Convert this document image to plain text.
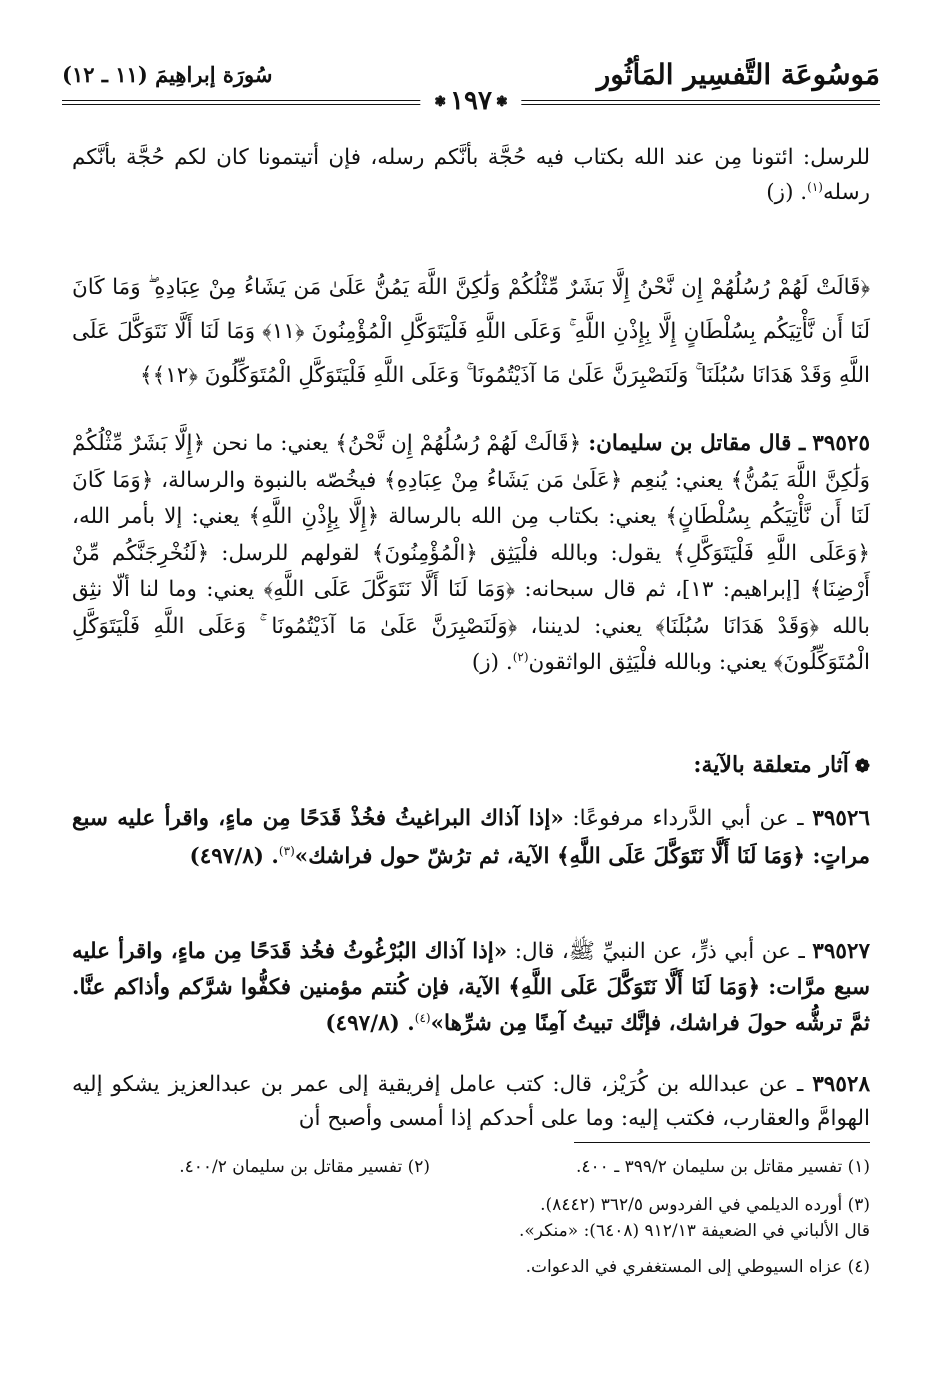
مَوسُوعَة التَّفسِير المَأثُور
سُورَة إبراهِيمَ (١١ ـ ١٢)
❃١٩٧❃
للرسل: ائتونا مِن عند الله بكتاب فيه حُجَّة بأنَّكم رسله، فإن أتيتمونا كان لكم حُجَّة بأنَّكم رسله$^{(١)}$. (ز)
﴿قَالَتْ لَهُمْ رُسُلُهُمْ إِن نَّحْنُ إِلَّا بَشَرٌ مِّثْلُكُمْ وَلَٰكِنَّ اللَّهَ يَمُنُّ عَلَىٰ مَن يَشَاءُ مِنْ عِبَادِهِ ۖ وَمَا كَانَ لَنَا أَن نَّأْتِيَكُم بِسُلْطَانٍ إِلَّا بِإِذْنِ اللَّهِ ۚ وَعَلَى اللَّهِ فَلْيَتَوَكَّلِ الْمُؤْمِنُونَ ﴿١١﴾ وَمَا لَنَا أَلَّا نَتَوَكَّلَ عَلَى اللَّهِ وَقَدْ هَدَانَا سُبُلَنَا ۚ وَلَنَصْبِرَنَّ عَلَىٰ مَا آذَيْتُمُونَا ۚ وَعَلَى اللَّهِ فَلْيَتَوَكَّلِ الْمُتَوَكِّلُونَ ﴿١٢﴾﴾
٣٩٥٢٥ ـ قال مقاتل بن سليمان: ﴿قَالَتْ لَهُمْ رُسُلُهُمْ إِن نَّحْنُ﴾ يعني: ما نحن ﴿إِلَّا بَشَرٌ مِّثْلُكُمْ وَلَٰكِنَّ اللَّهَ يَمُنُّ﴾ يعني: يُنعِم ﴿عَلَىٰ مَن يَشَاءُ مِنْ عِبَادِهِ﴾ فيخُصّه بالنبوة والرسالة، ﴿وَمَا كَانَ لَنَا أَن نَّأْتِيَكُم بِسُلْطَانٍ﴾ يعني: بكتاب مِن الله بالرسالة ﴿إِلَّا بِإِذْنِ اللَّهِ﴾ يعني: إلا بأمر الله، ﴿وَعَلَى اللَّهِ فَلْيَتَوَكَّلِ﴾ يقول: وبالله فلْيَثِق ﴿الْمُؤْمِنُونَ﴾ لقولهم للرسل: ﴿لَنُخْرِجَنَّكُم مِّنْ أَرْضِنَا﴾ [إبراهيم: ١٣]، ثم قال سبحانه: ﴿وَمَا لَنَا أَلَّا نَتَوَكَّلَ عَلَى اللَّهِ﴾ يعني: وما لنا ألّا نثِق بالله ﴿وَقَدْ هَدَانَا سُبُلَنَا﴾ يعني: لديننا، ﴿وَلَنَصْبِرَنَّ عَلَىٰ مَا آذَيْتُمُونَا ۚ وَعَلَى اللَّهِ فَلْيَتَوَكَّلِ الْمُتَوَكِّلُونَ﴾ يعني: وبالله فلْيَثِق الواثقون$^{(٢)}$. (ز)
❁آثار متعلقة بالآية:
٣٩٥٢٦ ـ عن أبي الدَّرداء مرفوعًا: «إذا آذاك البراغيثُ فخُذْ قَدَحًا مِن ماءٍ، واقرأ عليه سبع مراتٍ: ﴿وَمَا لَنَا أَلَّا نَتَوَكَّلَ عَلَى اللَّهِ﴾ الآية، ثم ترُشّ حول فراشك»$^{(٣)}$. (٨/‏٤٩٧)
٣٩٥٢٧ ـ عن أبي ذرٍّ، عن النبيِّ ﷺ، قال: «إذا آذاك البُرْغُوثُ فخُذ قَدَحًا مِن ماءٍ، واقرأ عليه سبع مرَّات: ﴿وَمَا لَنَا أَلَّا نَتَوَكَّلَ عَلَى اللَّهِ﴾ الآية، فإن كُنتم مؤمنين فكفُّوا شرَّكم وأذاكم عنَّا. ثمَّ ترشُّه حولَ فراشك، فإنَّك تبيتُ آمِنًا مِن شرِّها»$^{(٤)}$. (٨/‏٤٩٧)
٣٩٥٢٨ ـ عن عبدالله بن كُرَيْز، قال: كتب عامل إفريقية إلى عمر بن عبدالعزيز يشكو إليه الهوامَّ والعقارب، فكتب إليه: وما على أحدكم إذا أمسى وأصبح أن
(١) تفسير مقاتل بن سليمان ٢/‏٣٩٩ ـ ٤٠٠.
(٢) تفسير مقاتل بن سليمان ٢/‏٤٠٠.
(٣) أورده الديلمي في الفردوس ٥/‏٣٦٢ (٨٤٤٢).
قال الألباني في الضعيفة ١٣/‏٩١٢ (٦٤٠٨): «منكر».
(٤) عزاه السيوطي إلى المستغفري في الدعوات.
